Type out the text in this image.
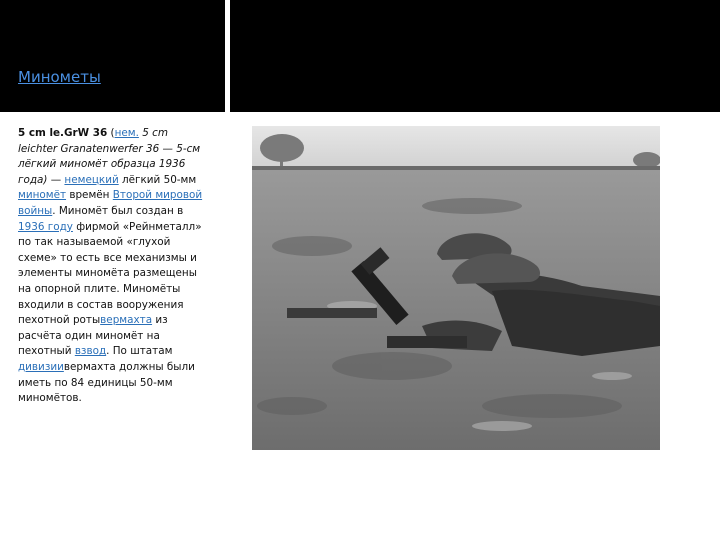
Минометы
5 cm le.GrW 36 (нем. 5 cm leichter Granatenwerfer 36 — 5-см лёгкий миномёт образца 1936 года) — немецкий лёгкий 50-мм миномёт времён Второй мировой войны. Миномёт был создан в 1936 году фирмой «Рейнметалл» по так называемой «глухой схеме» то есть все механизмы и элементы миномёта размещены на опорной плите. Миномёты входили в состав вооружения пехотной ротывермахта из расчёта один миномёт на пехотный взвод. По штатам дивизиивермахта должны были иметь по 84 единицы 50-мм миномётов.
